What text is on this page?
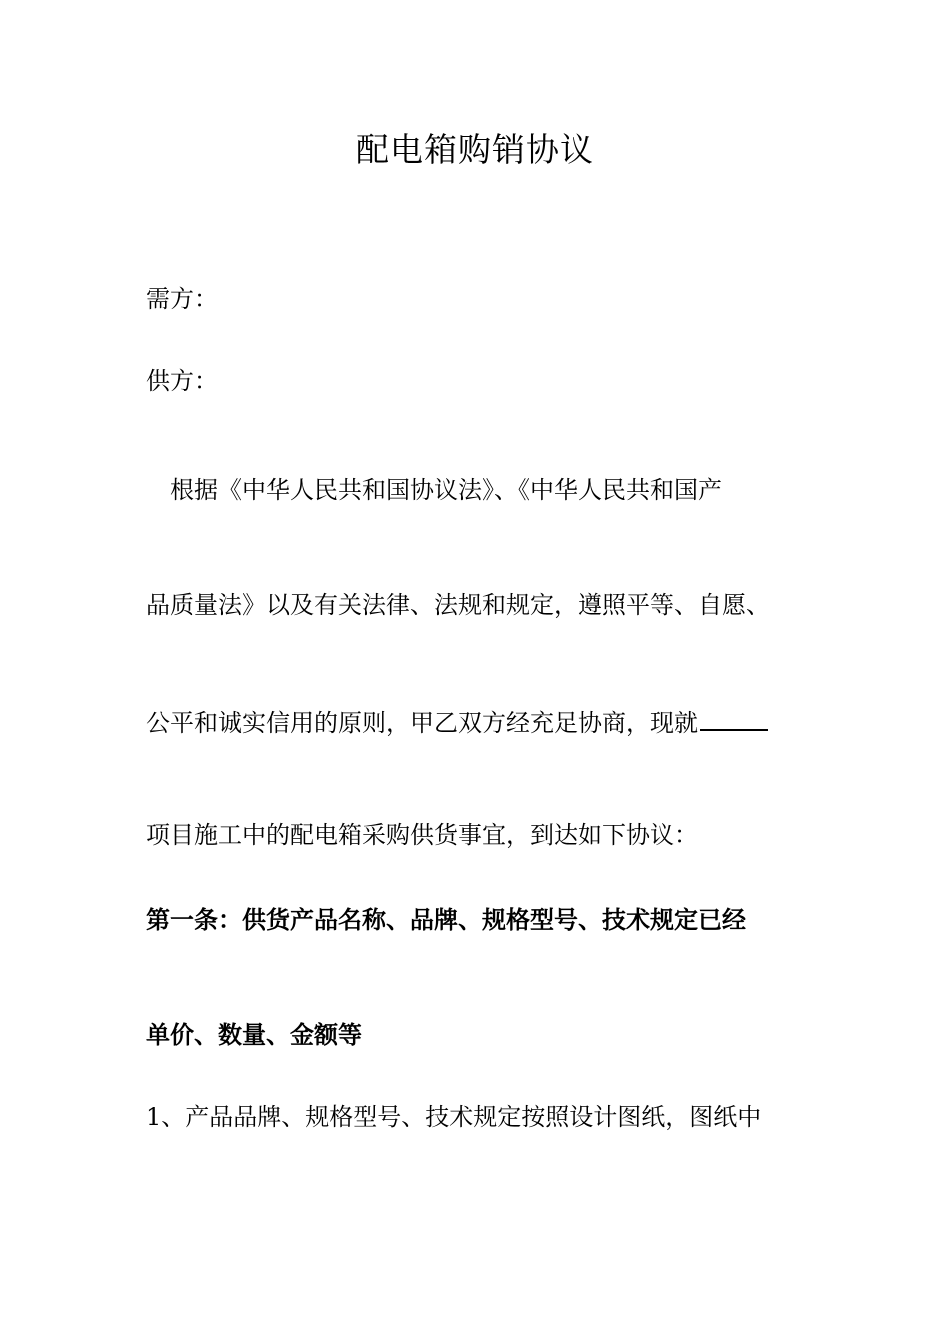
配电箱购销协议
需方：
供方：
根据《中华人民共和国协议法》、《中华人民共和国产
品质量法》以及有关法律、法规和规定，遵照平等、自愿、
公平和诚实信用的原则，甲乙双方经充足协商，现就
项目施工中的配电箱采购供货事宜，到达如下协议：
第一条：供货产品名称、品牌、规格型号、技术规定已经
单价、数量、金额等
1、产品品牌、规格型号、技术规定按照设计图纸，图纸中
